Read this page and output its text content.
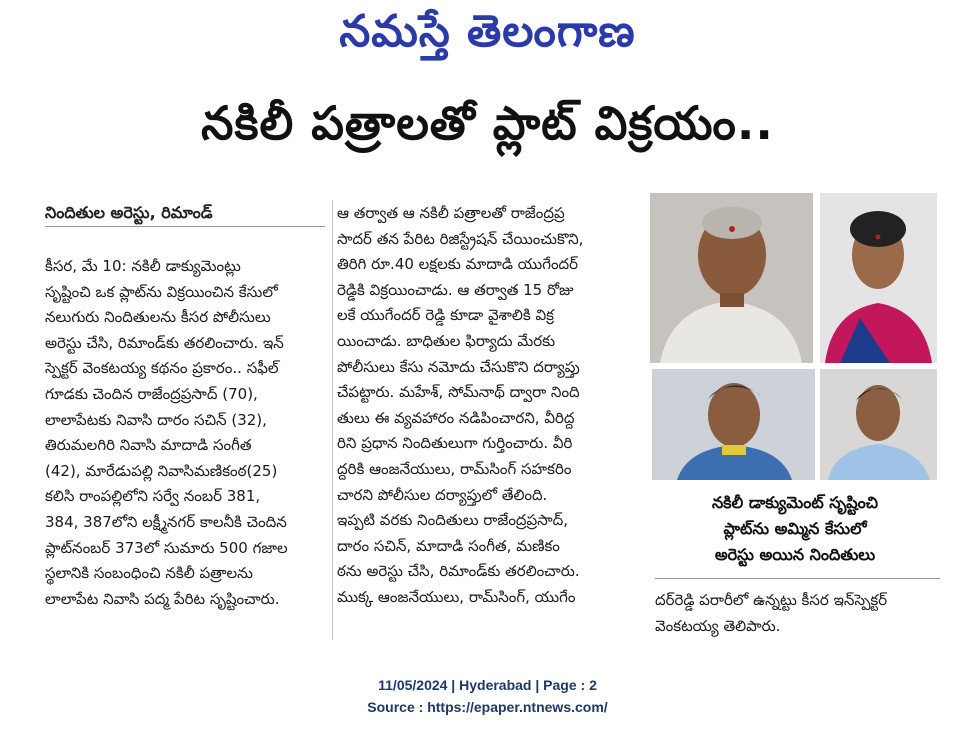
నమస్తే తెలంగాణ
నకిలీ పత్రాలతో ప్లాట్ విక్రయం..
నిందితుల అరెస్టు, రిమాండ్
కీసర, మే 10: నకిలీ డాక్యుమెంట్లు
సృష్టించి ఒక ప్లాట్‌ను విక్రయించిన కేసులో
నలుగురు నిందితులను కీసర పోలీసులు
అరెస్టు చేసి, రిమాండ్‌కు తరలించారు. ఇన్
స్పెక్టర్ వెంకటయ్య కథనం ప్రకారం.. సఫీల్
గూడకు చెందిన రాజేంద్రప్రసాద్ (70),
లాలాపేటకు నివాసి దారం సచిన్ (32),
తిరుమలగిరి నివాసి మాదాడి సంగీత
(42), మారేడుపల్లి నివాసిమణికంఠ(25)
కలిసి రాంపల్లిలోని సర్వే నంబర్ 381,
384, 387లోని లక్ష్మీనగర్ కాలనీకి చెందిన
ప్లాట్‌నంబర్ 373లో సుమారు 500 గజాల
స్థలానికి సంబంధించి నకిలీ పత్రాలను
లాలాపేట నివాసి పద్మ పేరిట సృష్టించారు.
ఆ తర్వాత ఆ నకిలీ పత్రాలతో రాజేంద్రప్ర
సాదర్ తన పేరిట రిజిస్ట్రేషన్ చేయించుకొని,
తిరిగి రూ.40 లక్షలకు మాదాడి యుగేందర్
రెడ్డికి విక్రయించాడు. ఆ తర్వాత 15 రోజు
లకే యుగేందర్ రెడ్డి కూడా వైశాలికి విక్ర
యించాడు. బాధితుల ఫిర్యాదు మేరకు
పోలీసులు కేసు నమోదు చేసుకొని దర్యాప్తు
చేపట్టారు. మహేశ్, సోమ్‌నాథ్ ద్వారా నింది
తులు ఈ వ్యవహారం నడిపించారని, వీరిద్ద
రిని ప్రధాన నిందితులుగా గుర్తించారు. వీరి
ద్దరికి ఆంజనేయులు, రామ్‌సింగ్ సహకరిం
చారని పోలీసుల దర్యాప్తులో తేలింది.
ఇప్పటి వరకు నిందితులు రాజేంద్రప్రసాద్,
దారం సచిన్, మాదాడి సంగీత, మణికం
ఠను అరెస్టు చేసి, రిమాండ్‌కు తరలించారు.
ముక్క ఆంజనేయులు, రామ్‌సింగ్, యుగేం
నకిలీ డాక్యుమెంట్ సృష్టించి
ప్లాట్‌ను అమ్మిన కేసులో
అరెస్టు అయిన నిందితులు
దర్‌రెడ్డి పరారీలో ఉన్నట్టు కీసర ఇన్‌స్పెక్టర్
వెంకటయ్య తెలిపారు.
11/05/2024 | Hyderabad | Page : 2
Source : https://epaper.ntnews.com/
